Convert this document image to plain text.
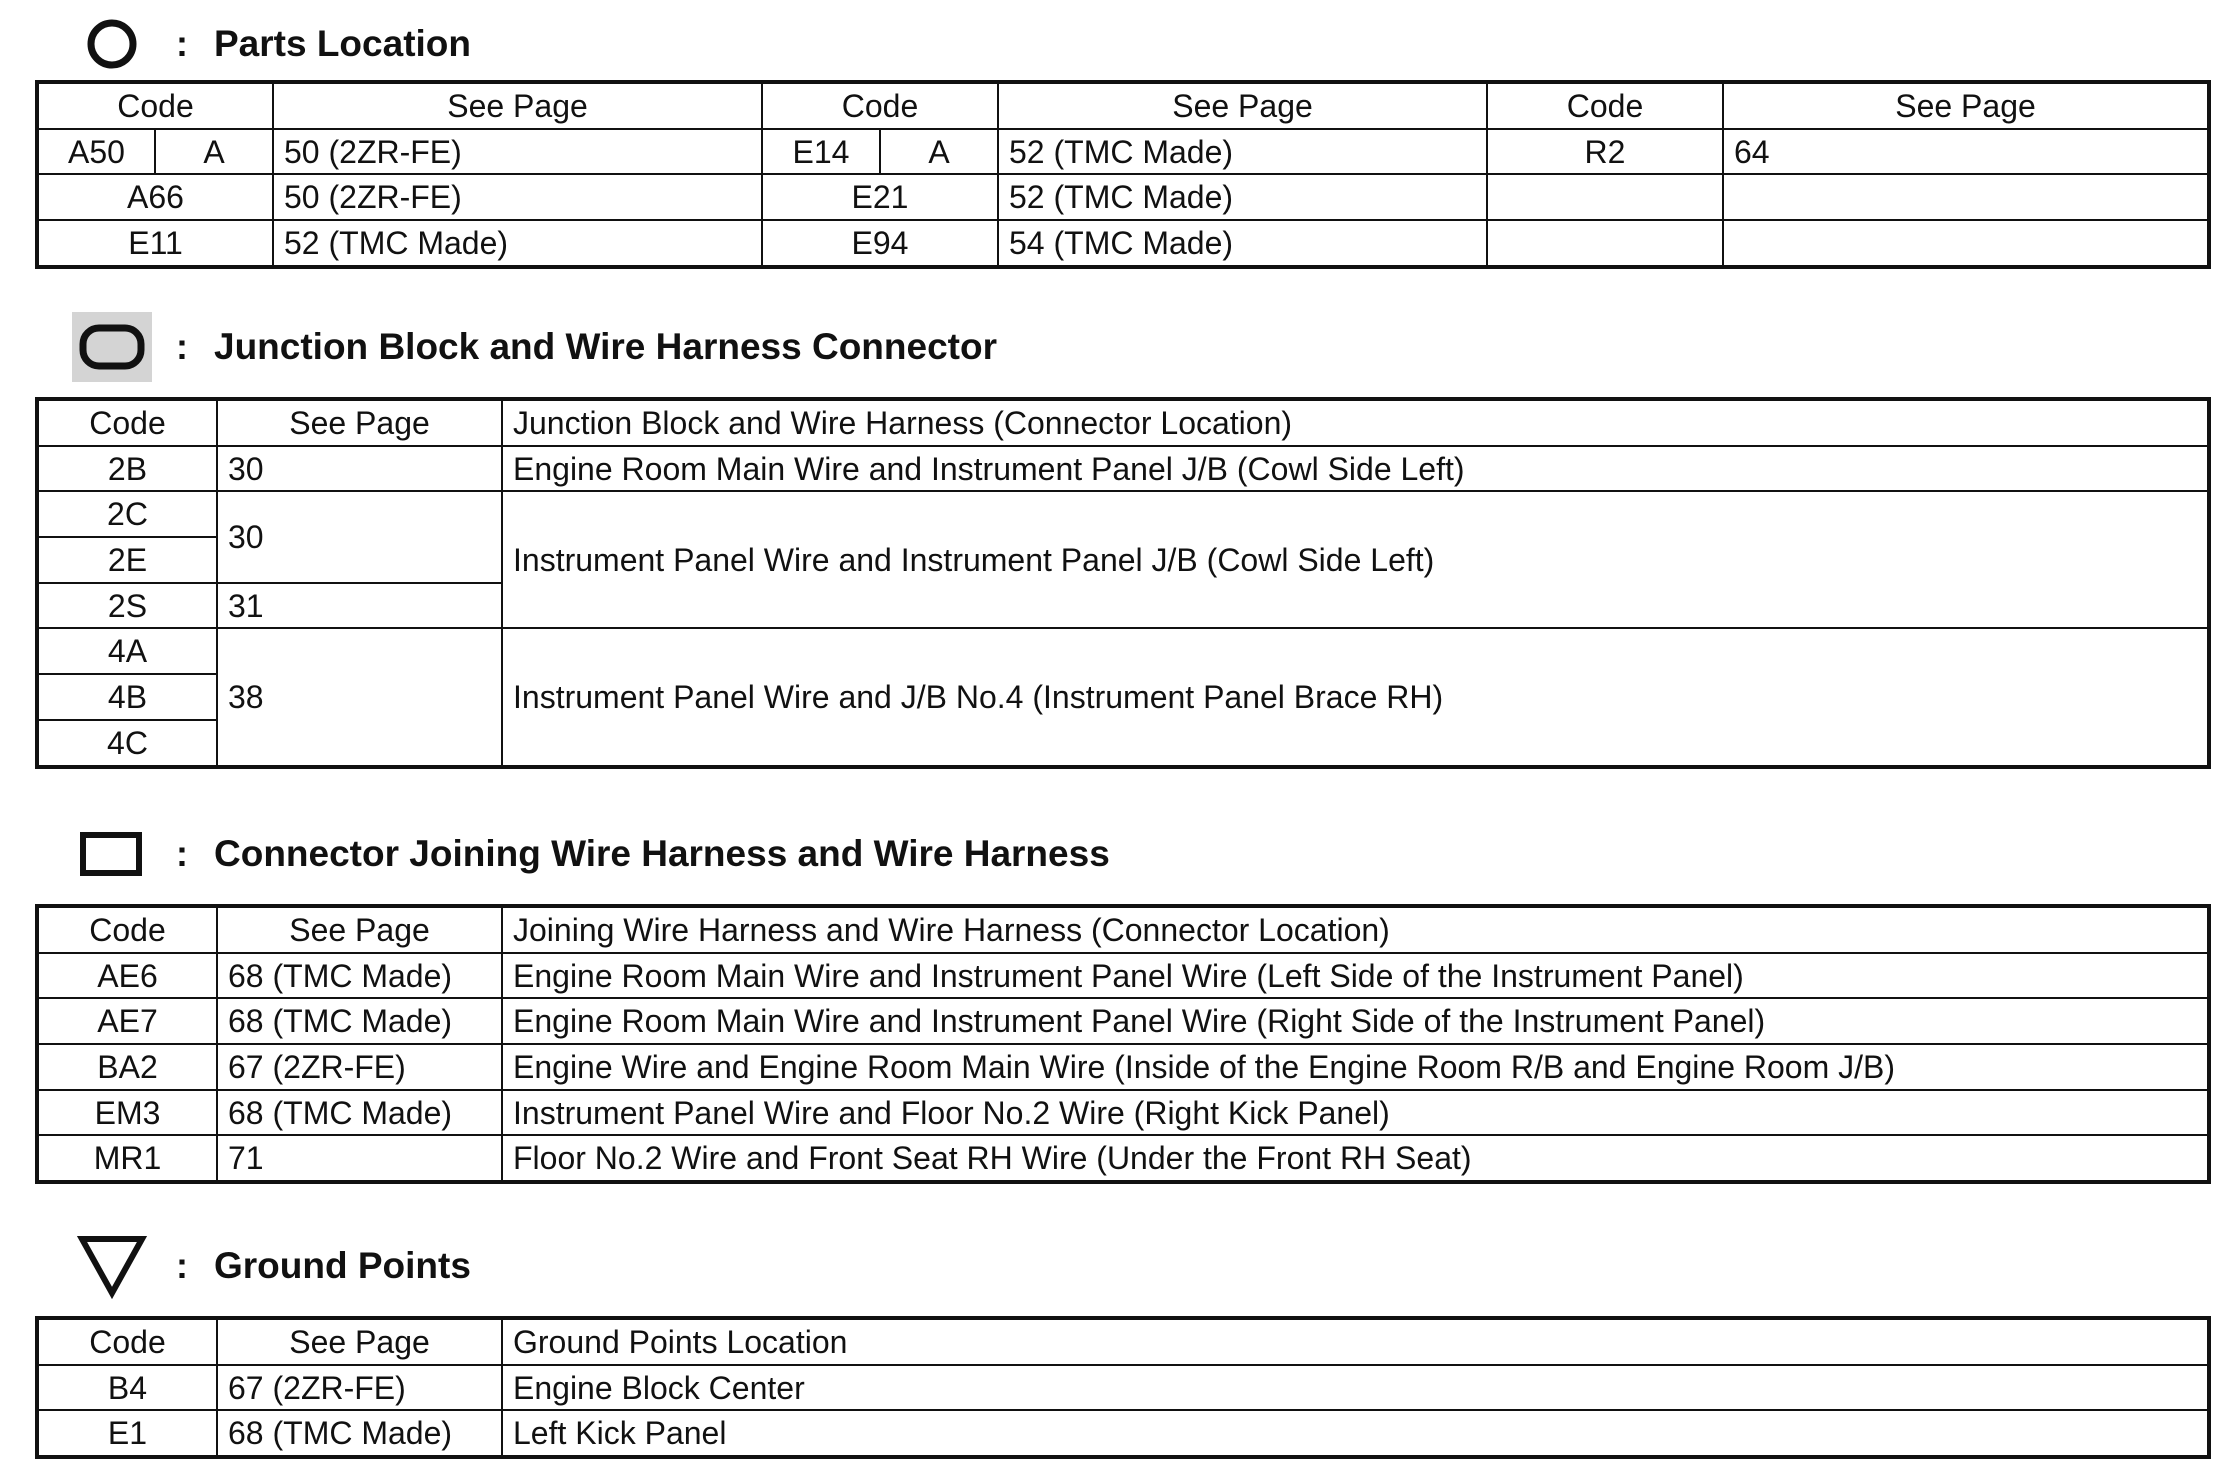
: Parts Location
Code		See Page	Code		See Page	Code	See Page
A50	A	50 (2ZR-FE)	E14	A	52 (TMC Made)	R2	64
A66		50 (2ZR-FE)	E21		52 (TMC Made)		
E11		52 (TMC Made)	E94		54 (TMC Made)		
: Junction Block and Wire Harness Connector
Code	See Page	Junction Block and Wire Harness (Connector Location)
2B	30	Engine Room Main Wire and Instrument Panel J/B (Cowl Side Left)
2C	30	Instrument Panel Wire and Instrument Panel J/B (Cowl Side Left)
2E		
2S	31	
4A	38	Instrument Panel Wire and J/B No.4 (Instrument Panel Brace RH)
4B		
4C		
: Connector Joining Wire Harness and Wire Harness
Code	See Page	Joining Wire Harness and Wire Harness (Connector Location)
AE6	68 (TMC Made)	Engine Room Main Wire and Instrument Panel Wire (Left Side of the Instrument Panel)
AE7	68 (TMC Made)	Engine Room Main Wire and Instrument Panel Wire (Right Side of the Instrument Panel)
BA2	67 (2ZR-FE)	Engine Wire and Engine Room Main Wire (Inside of the Engine Room R/B and Engine Room J/B)
EM3	68 (TMC Made)	Instrument Panel Wire and Floor No.2 Wire (Right Kick Panel)
MR1	71	Floor No.2 Wire and Front Seat RH Wire (Under the Front RH Seat)
: Ground Points
Code	See Page	Ground Points Location
B4	67 (2ZR-FE)	Engine Block Center
E1	68 (TMC Made)	Left Kick Panel
